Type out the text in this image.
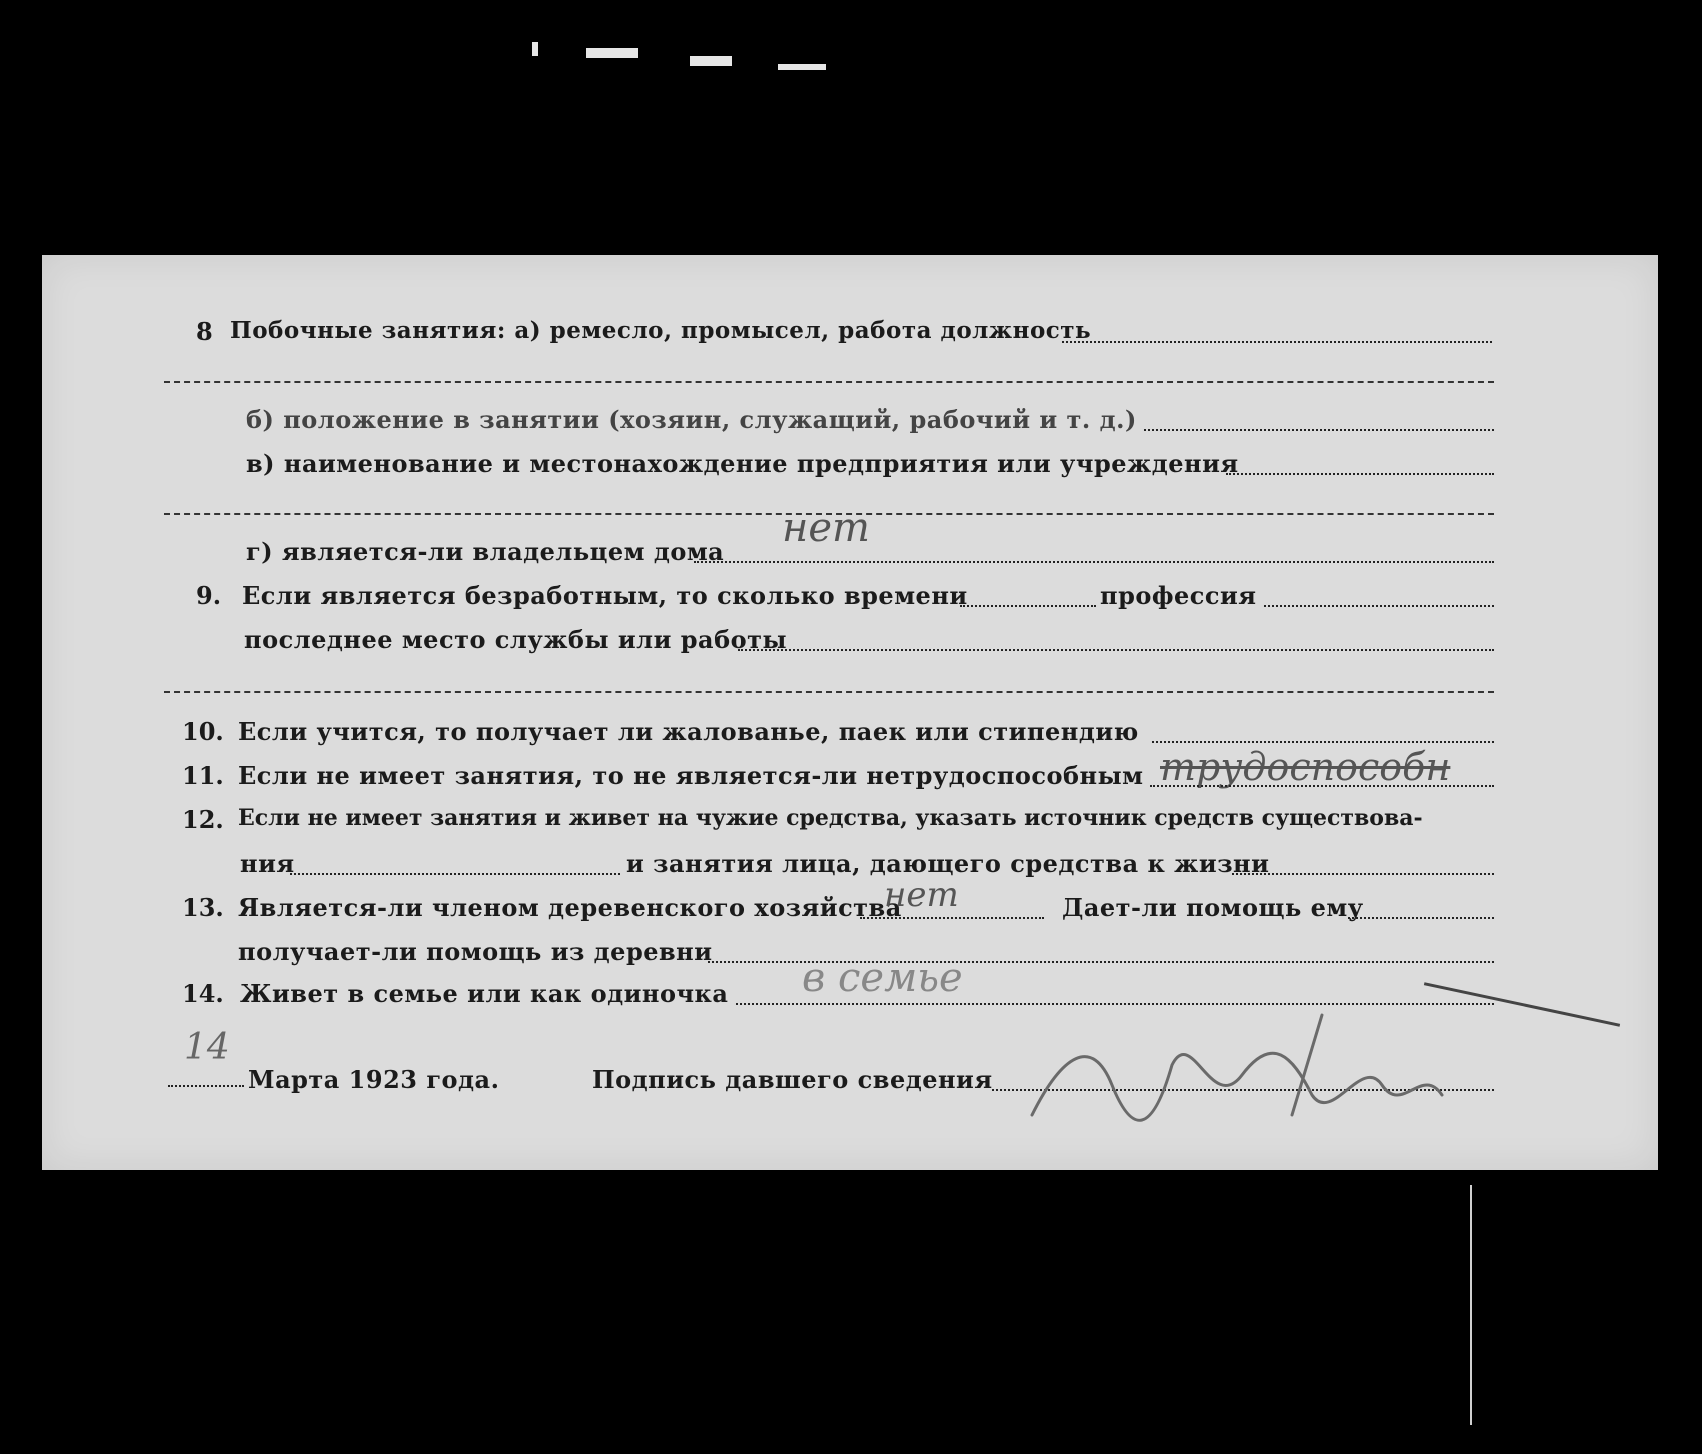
8 Побочные занятия: а) ремесло, промысел, работа должность
б) положение в занятии (хозяин, служащий, рабочий и т. д.)
в) наименование и местонахождение предприятия или учреждения
г) является-ли владельцем дома
нет
9. Если является безработным, то сколько времени	профессия
последнее место службы или работы
10. Если учится, то получает ли жалованье, паек или стипендию
11. Если не имеет занятия, то не является-ли нетрудоспособным трудоспособн
12. Если не имеет занятия и живет на чужие средства, указать источник средств существова-
ния	и занятия лица, дающего средства к жизни
13. Является-ли членом деревенского хозяйства
нет	Дает-ли помощь ему
получает-ли помощь из деревни
14. Живет в семье или как одиночка в семье
14
Марта 1923 года.	Подпись давшего сведения
